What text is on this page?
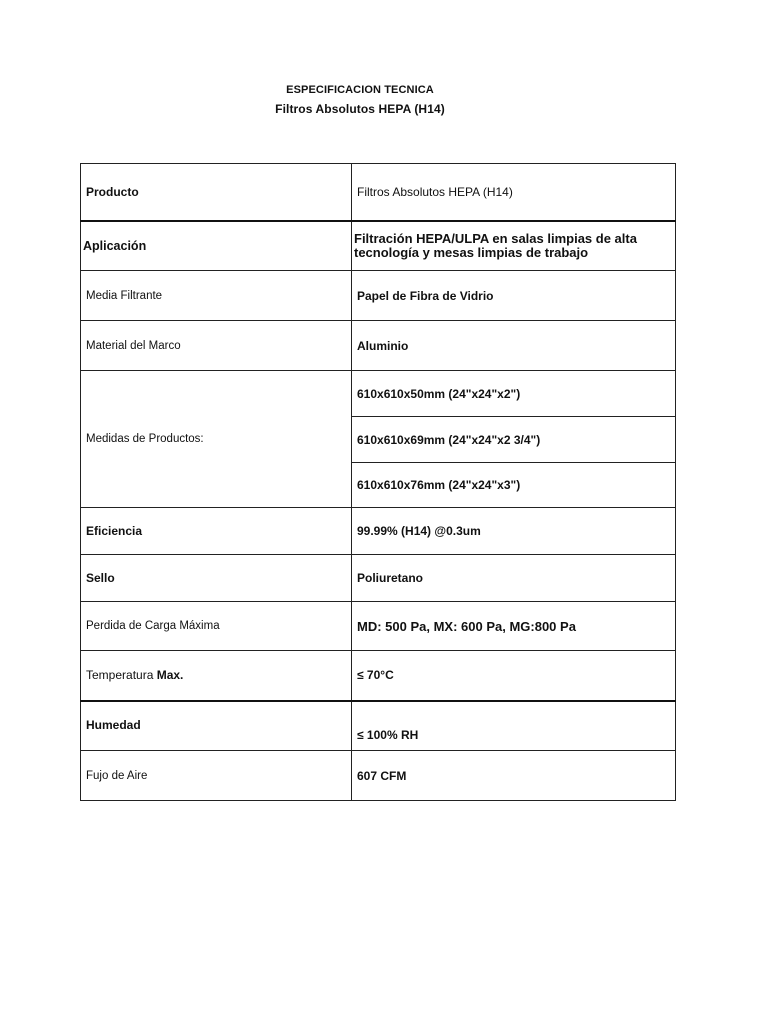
ESPECIFICACION TECNICA
Filtros Absolutos HEPA (H14)
Producto	Filtros Absolutos HEPA (H14)
Aplicación	Filtración HEPA/ULPA en salas limpias de alta tecnología y mesas limpias de trabajo
Media Filtrante	Papel de Fibra de Vidrio
Material del Marco	Aluminio
Medidas de Productos:	610x610x50mm (24"x24"x2")
	610x610x69mm (24"x24"x2 3/4")
	610x610x76mm (24"x24"x3")
Eficiencia	99.99% (H14) @0.3um
Sello	Poliuretano
Perdida de Carga Máxima	MD: 500 Pa, MX: 600 Pa, MG:800 Pa
Temperatura Max.	≤ 70°C
Humedad	≤ 100% RH
Fujo de Aire	607 CFM
